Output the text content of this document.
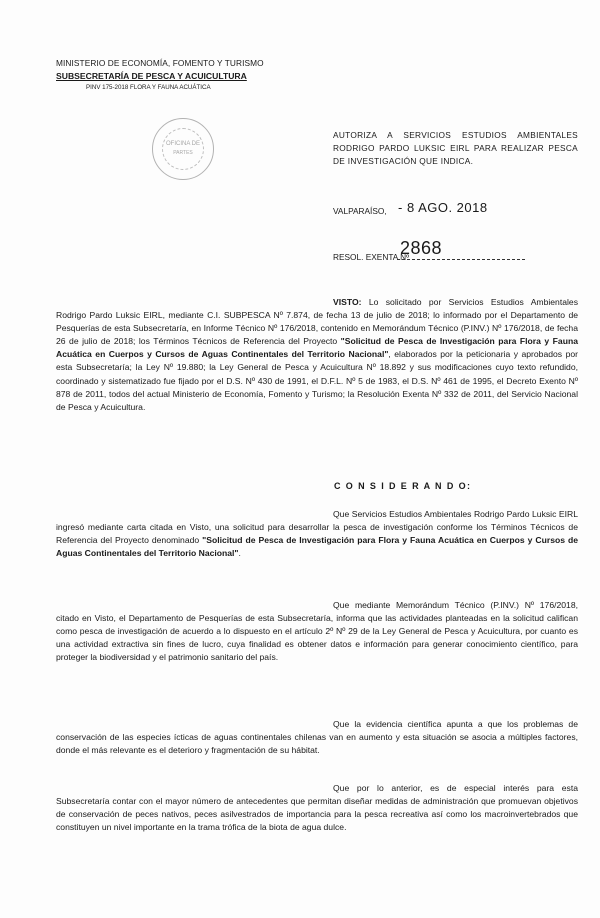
MINISTERIO DE ECONOMÍA, FOMENTO Y TURISMO
SUBSECRETARÍA DE PESCA Y ACUICULTURA
PINV 175-2018 FLORA Y FAUNA ACUÁTICA
OFICINA DE
PARTES
AUTORIZA A SERVICIOS ESTUDIOS AMBIENTALES RODRIGO PARDO LUKSIC EIRL PARA REALIZAR PESCA DE INVESTIGACIÓN QUE INDICA.
VALPARAÍSO, - 8 AGO. 2018
RESOL. EXENTA Nº
2868
VISTO: Lo solicitado por Servicios Estudios Ambientales Rodrigo Pardo Luksic EIRL, mediante C.I. SUBPESCA Nº 7.874, de fecha 13 de julio de 2018; lo informado por el Departamento de Pesquerías de esta Subsecretaría, en Informe Técnico Nº 176/2018, contenido en Memorándum Técnico (P.INV.) Nº 176/2018, de fecha 26 de julio de 2018; los Términos Técnicos de Referencia del Proyecto "Solicitud de Pesca de Investigación para Flora y Fauna Acuática en Cuerpos y Cursos de Aguas Continentales del Territorio Nacional", elaborados por la peticionaria y aprobados por esta Subsecretaría; la Ley Nº 19.880; la Ley General de Pesca y Acuicultura Nº 18.892 y sus modificaciones cuyo texto refundido, coordinado y sistematizado fue fijado por el D.S. Nº 430 de 1991, el D.F.L. Nº 5 de 1983, el D.S. Nº 461 de 1995, el Decreto Exento Nº 878 de 2011, todos del actual Ministerio de Economía, Fomento y Turismo; la Resolución Exenta Nº 332 de 2011, del Servicio Nacional de Pesca y Acuicultura.
C O N S I D E R A N D O:
Que Servicios Estudios Ambientales Rodrigo Pardo Luksic EIRL ingresó mediante carta citada en Visto, una solicitud para desarrollar la pesca de investigación conforme los Términos Técnicos de Referencia del Proyecto denominado "Solicitud de Pesca de Investigación para Flora y Fauna Acuática en Cuerpos y Cursos de Aguas Continentales del Territorio Nacional".
Que mediante Memorándum Técnico (P.INV.) Nº 176/2018, citado en Visto, el Departamento de Pesquerías de esta Subsecretaría, informa que las actividades planteadas en la solicitud califican como pesca de investigación de acuerdo a lo dispuesto en el artículo 2º Nº 29 de la Ley General de Pesca y Acuicultura, por cuanto es una actividad extractiva sin fines de lucro, cuya finalidad es obtener datos e información para generar conocimiento científico, para proteger la biodiversidad y el patrimonio sanitario del país.
Que la evidencia científica apunta a que los problemas de conservación de las especies ícticas de aguas continentales chilenas van en aumento y esta situación se asocia a múltiples factores, donde el más relevante es el deterioro y fragmentación de su hábitat.
Que por lo anterior, es de especial interés para esta Subsecretaría contar con el mayor número de antecedentes que permitan diseñar medidas de administración que promuevan objetivos de conservación de peces nativos, peces asilvestrados de importancia para la pesca recreativa así como los macroinvertebrados que constituyen un nivel importante en la trama trófica de la biota de agua dulce.
